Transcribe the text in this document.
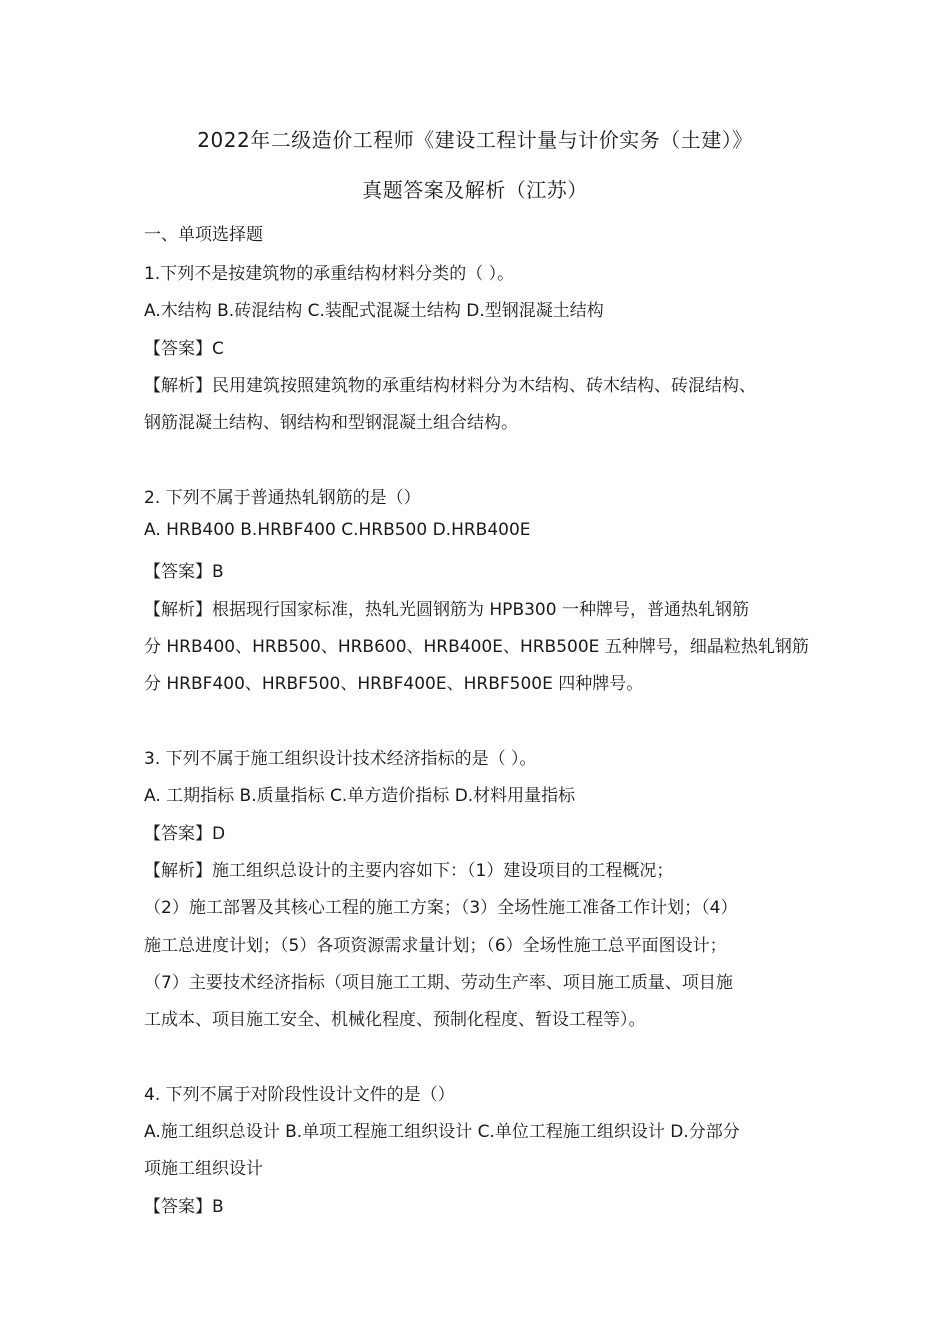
2022年二级造价工程师《建设工程计量与计价实务（土建）》
真题答案及解析（江苏）
一、单项选择题
1.下列不是按建筑物的承重结构材料分类的（ ）。
A.木结构 B.砖混结构 C.装配式混凝土结构 D.型钢混凝土结构
【答案】C
【解析】民用建筑按照建筑物的承重结构材料分为木结构、砖木结构、砖混结构、
钢筋混凝土结构、钢结构和型钢混凝土组合结构。
2. 下列不属于普通热轧钢筋的是（）
A. HRB400 B.HRBF400 C.HRB500 D.HRB400E
【答案】B
【解析】根据现行国家标准，热轧光圆钢筋为 HPB300 一种牌号，普通热轧钢筋
分 HRB400、HRB500、HRB600、HRB400E、HRB500E 五种牌号，细晶粒热轧钢筋
分 HRBF400、HRBF500、HRBF400E、HRBF500E 四种牌号。
3. 下列不属于施工组织设计技术经济指标的是（ ）。
A. 工期指标 B.质量指标 C.单方造价指标 D.材料用量指标
【答案】D
【解析】施工组织总设计的主要内容如下：（1）建设项目的工程概况；
（2）施工部署及其核心工程的施工方案；（3）全场性施工准备工作计划；（4）
施工总进度计划；（5）各项资源需求量计划；（6）全场性施工总平面图设计；
（7）主要技术经济指标（项目施工工期、劳动生产率、项目施工质量、项目施
工成本、项目施工安全、机械化程度、预制化程度、暂设工程等）。
4. 下列不属于对阶段性设计文件的是（）
A.施工组织总设计 B.单项工程施工组织设计 C.单位工程施工组织设计 D.分部分
项施工组织设计
【答案】B
